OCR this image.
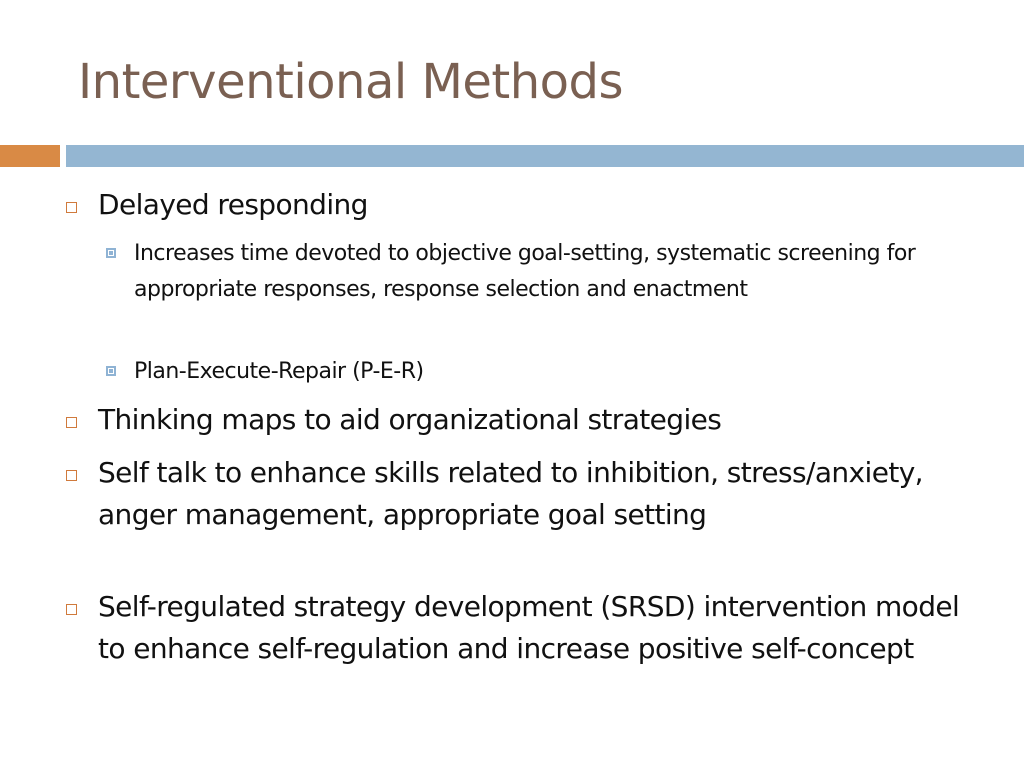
Interventional Methods
Delayed responding
Increases time devoted to objective goal-setting, systematic screening for appropriate responses, response selection and enactment
Plan-Execute-Repair (P-E-R)
Thinking maps to aid organizational strategies
Self talk to enhance skills related to inhibition, stress/anxiety, anger management, appropriate goal setting
Self-regulated strategy development (SRSD) intervention model to enhance self-regulation and increase positive self-concept
